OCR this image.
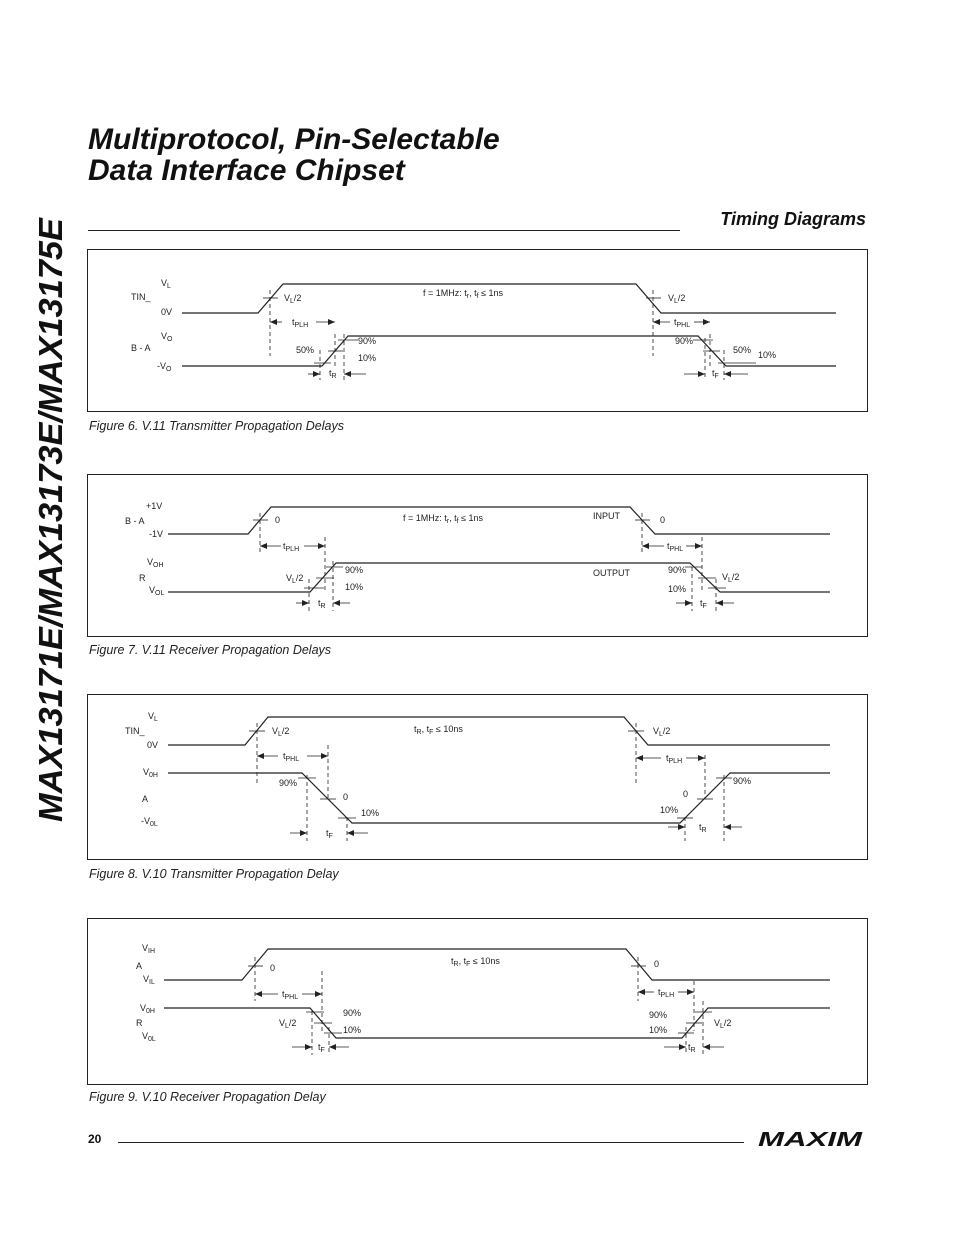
MAX13171E/MAX13173E/MAX13175E
Multiprotocol, Pin-Selectable
Data Interface Chipset
Timing Diagrams
$V_L$
TIN_
0V
$V_O$
B - A
$-V_O$
$V_L/2$	f = 1MHz: $t_r$, $t_f \le 1ns$	$V_L/2$
$t_{PLH}$	$t_{PHL}$
50%
90%
10%
90%
50% 10%
$t_R$	$t_F$
Figure 6. V.11 Transmitter Propagation Delays
+1V
B - A
-1V
0	f = 1MHz: $t_r$, $t_f \le 1ns$	INPUT	0
$t_{PLH}$	$t_{PHL}$
$V_{OH}$
R
$V_{OL}$
$V_L/2$
90%
10%
OUTPUT	90%
10%
$V_L/2$
$t_R$	$t_F$
Figure 7. V.11 Receiver Propagation Delays
$V_L$
TIN_
0V
$V_L/2$	$t_R$, $t_F \le 10ns$	$V_L/2$
$t_{PHL}$	$t_{PLH}$
$V_{0H}$
A
$-V_{0L}$
90%
0
10%
0
90%
10%
$t_F$
$t_R$
Figure 8. V.10 Transmitter Propagation Delay
$V_{IH}$
A
$V_{IL}$
0
$t_R$, $t_F \le 10ns$	0
$t_{PHL}$
$t_{PLH}$
$V_{0H}$
R
$V_{0L}$
$V_L/2$
90%
10%
90%
10%
$V_L/2$
$t_F$	$t_R$
Figure 9. V.10 Receiver Propagation Delay
20	MAXIM
